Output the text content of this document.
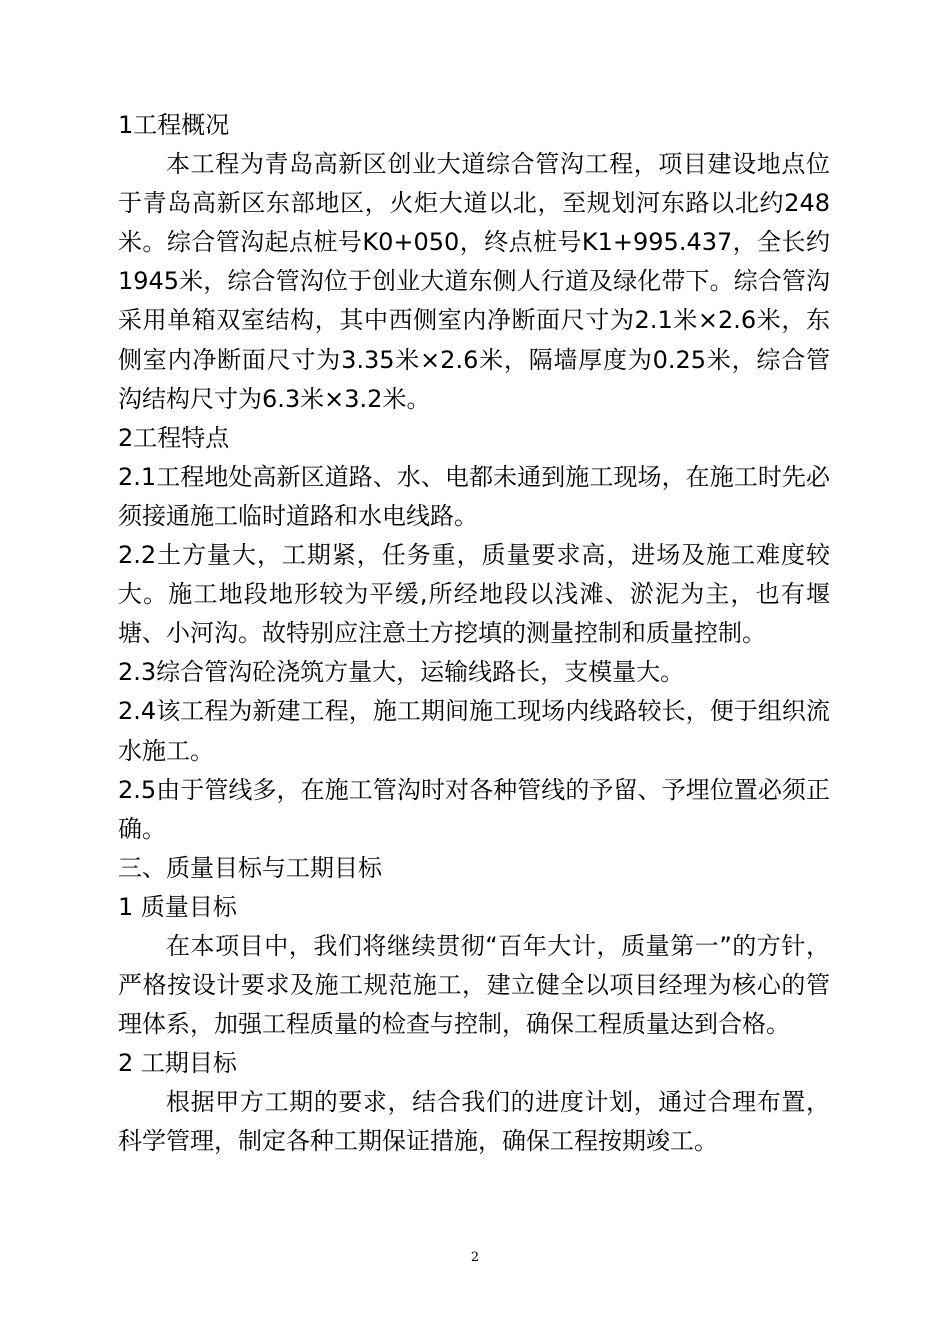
1工程概况

本工程为青岛高新区创业大道综合管沟工程，项目建设地点位于青岛高新区东部地区，火炬大道以北，至规划河东路以北约248米。综合管沟起点桩号K0+050，终点桩号K1+995.437，全长约1945米，综合管沟位于创业大道东侧人行道及绿化带下。综合管沟采用单箱双室结构，其中西侧室内净断面尺寸为2.1米×2.6米，东侧室内净断面尺寸为3.35米×2.6米，隔墙厚度为0.25米，综合管沟结构尺寸为6.3米×3.2米。

2工程特点

2.1工程地处高新区道路、水、电都未通到施工现场，在施工时先必须接通施工临时道路和水电线路。

2.2土方量大，工期紧，任务重，质量要求高，进场及施工难度较大。施工地段地形较为平缓,所经地段以浅滩、淤泥为主，也有堰塘、小河沟。故特别应注意土方挖填的测量控制和质量控制。

2.3综合管沟砼浇筑方量大，运输线路长，支模量大。

2.4该工程为新建工程，施工期间施工现场内线路较长，便于组织流水施工。

2.5由于管线多，在施工管沟时对各种管线的予留、予埋位置必须正确。

三、质量目标与工期目标

1 质量目标

在本项目中，我们将继续贯彻“百年大计，质量第一”的方针，严格按设计要求及施工规范施工，建立健全以项目经理为核心的管理体系，加强工程质量的检查与控制，确保工程质量达到合格。

2 工期目标

根据甲方工期的要求，结合我们的进度计划，通过合理布置，科学管理，制定各种工期保证措施，确保工程按期竣工。

2
